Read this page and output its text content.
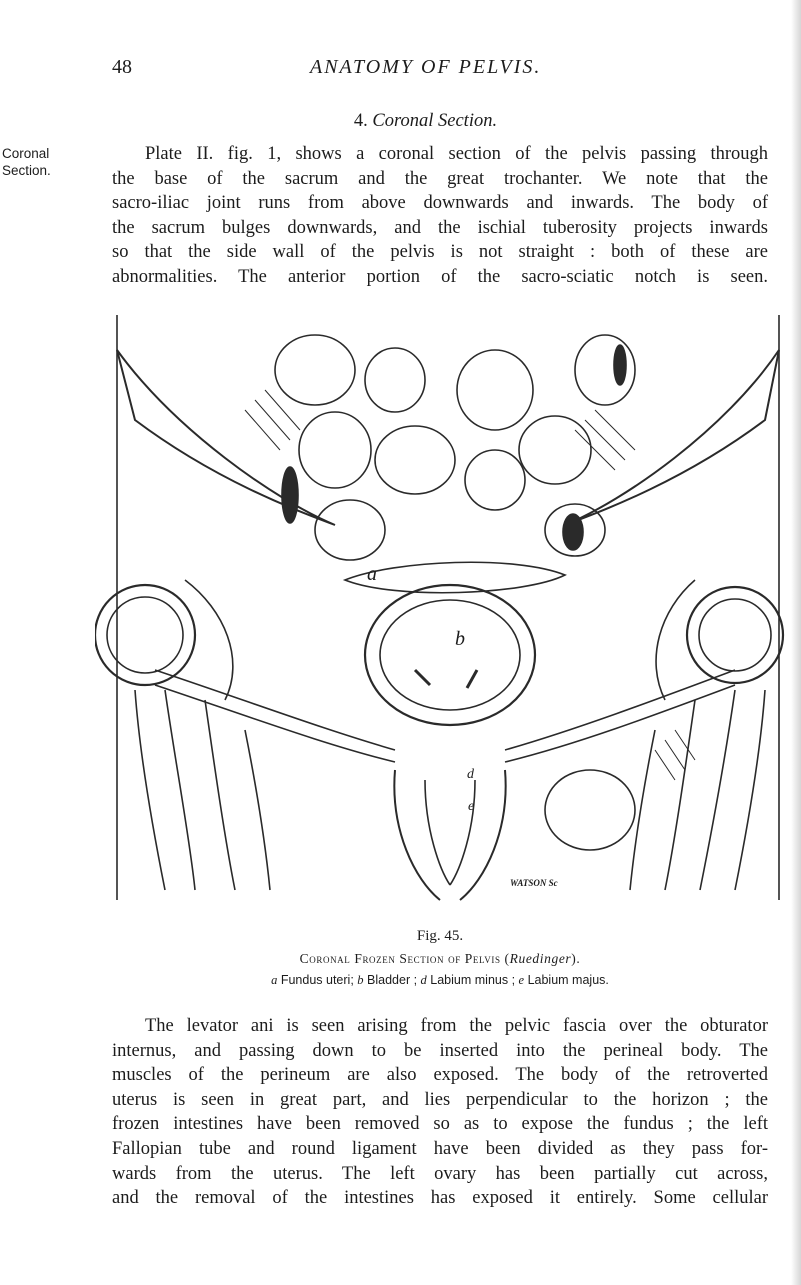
48	ANATOMY OF PELVIS.
4. Coronal Section.
Coronal
Section.
Plate II. fig. 1, shows a coronal section of the pelvis passing through
the base of the sacrum and the great trochanter. We note that the
sacro-iliac joint runs from above downwards and inwards. The body of
the sacrum bulges downwards, and the ischial tuberosity projects inwards
so that the side wall of the pelvis is not straight : both of these are
abnormalities. The anterior portion of the sacro-sciatic notch is seen.
a
b
d
e
WATSON Sc
Fig. 45.
Coronal Frozen Section of Pelvis (Ruedinger).
a Fundus uteri; b Bladder ; d Labium minus ; e Labium majus.
The levator ani is seen arising from the pelvic fascia over the obturator
internus, and passing down to be inserted into the perineal body. The
muscles of the perineum are also exposed. The body of the retroverted
uterus is seen in great part, and lies perpendicular to the horizon ; the
frozen intestines have been removed so as to expose the fundus ; the left
Fallopian tube and round ligament have been divided as they pass for-
wards from the uterus. The left ovary has been partially cut across,
and the removal of the intestines has exposed it entirely. Some cellular
